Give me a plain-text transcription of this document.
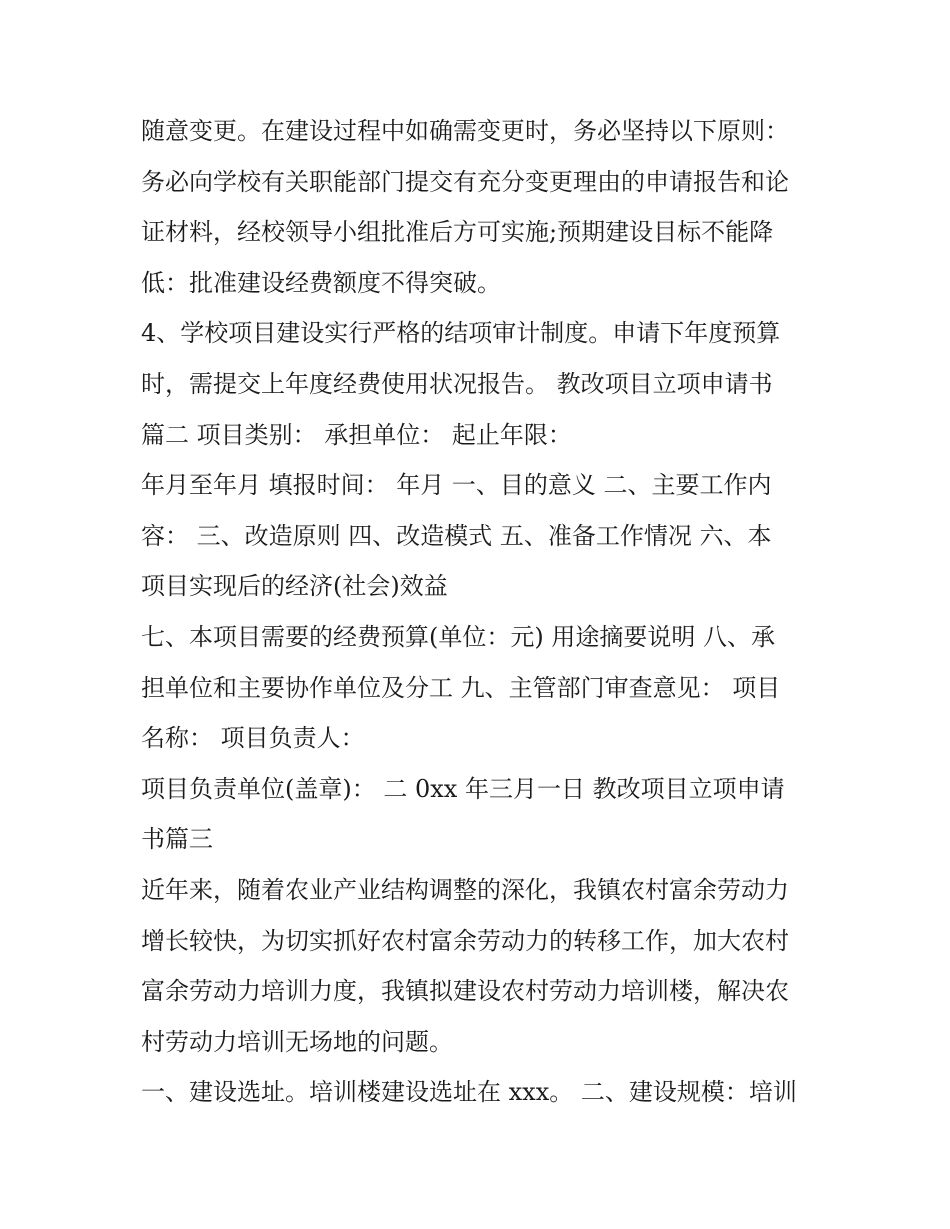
随意变更。在建设过程中如确需变更时，务必坚持以下原则：
务必向学校有关职能部门提交有充分变更理由的申请报告和论
证材料，经校领导小组批准后方可实施;预期建设目标不能降
低：批准建设经费额度不得突破。
4、学校项目建设实行严格的结项审计制度。申请下年度预算
时，需提交上年度经费使用状况报告。 教改项目立项申请书
篇二 项目类别： 承担单位： 起止年限：
年月至年月 填报时间： 年月 一、目的意义 二、主要工作内
容： 三、改造原则 四、改造模式 五、准备工作情况 六、本
项目实现后的经济(社会)效益
七、本项目需要的经费预算(单位：元) 用途摘要说明 八、承
担单位和主要协作单位及分工 九、主管部门审查意见： 项目
名称： 项目负责人：
项目负责单位(盖章)： 二 0xx 年三月一日 教改项目立项申请
书篇三
近年来，随着农业产业结构调整的深化，我镇农村富余劳动力
增长较快，为切实抓好农村富余劳动力的转移工作，加大农村
富余劳动力培训力度，我镇拟建设农村劳动力培训楼，解决农
村劳动力培训无场地的问题。
一、建设选址。培训楼建设选址在 xxx。 二、建设规模：培训
